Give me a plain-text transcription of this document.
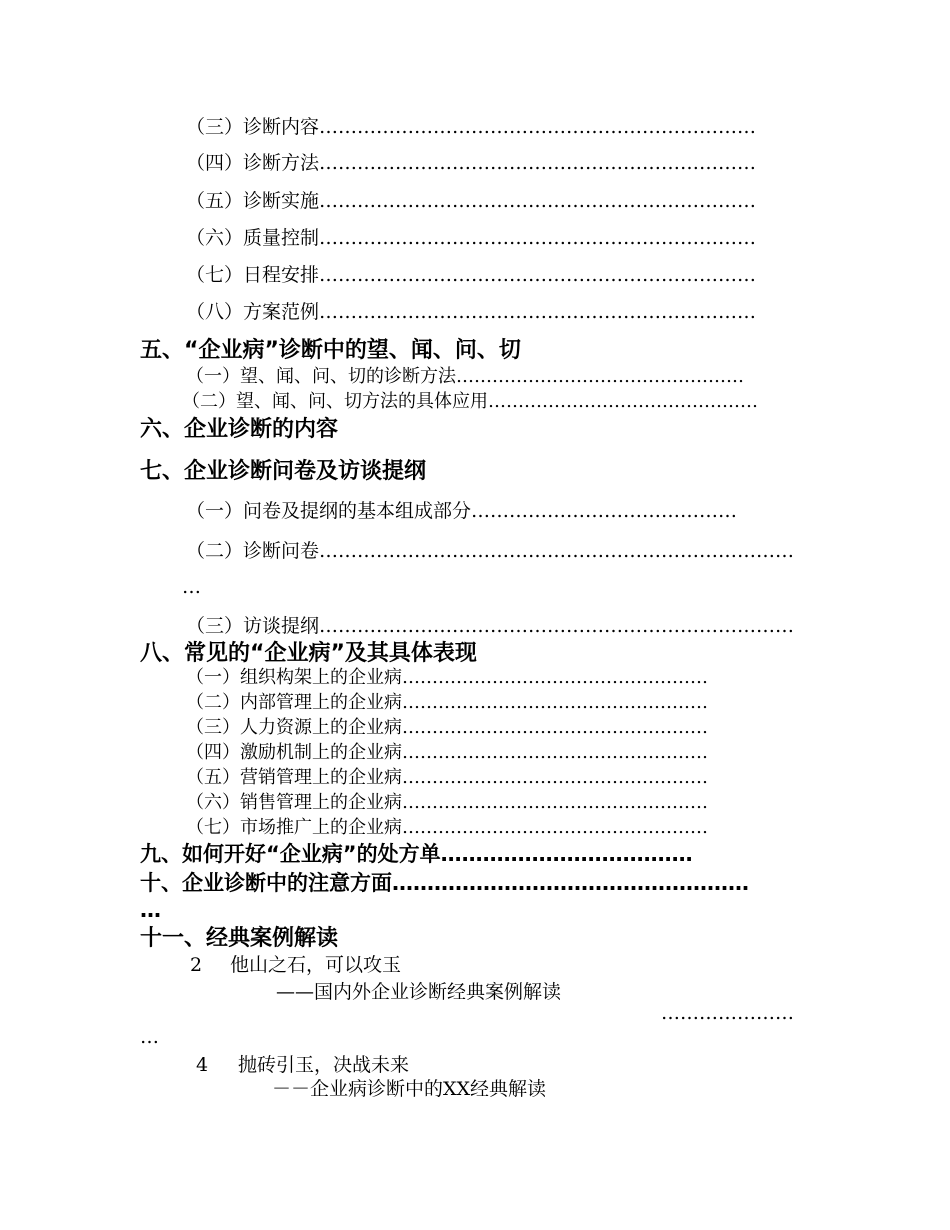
（三）诊断内容……………………………………………………………
（四）诊断方法……………………………………………………………
（五）诊断实施……………………………………………………………
（六）质量控制……………………………………………………………
（七）日程安排……………………………………………………………
（八）方案范例……………………………………………………………
五、“企业病”诊断中的望、闻、问、切
（一）望、闻、问、切的诊断方法…………………………………………
（二）望、闻、问、切方法的具体应用………………………………………
六、企业诊断的内容
七、企业诊断问卷及访谈提纲
（一）问卷及提纲的基本组成部分……………………………………
（二）诊断问卷…………………………………………………………………
…
（三）访谈提纲…………………………………………………………………
八、常见的“企业病”及其具体表现
（一）组织构架上的企业病……………………………………………
（二）内部管理上的企业病……………………………………………
（三）人力资源上的企业病……………………………………………
（四）激励机制上的企业病……………………………………………
（五）营销管理上的企业病……………………………………………
（六）销售管理上的企业病……………………………………………
（七）市场推广上的企业病……………………………………………
九、如何开好“企业病”的处方单………………………………
十、企业诊断中的注意方面……………………………………………
…
十一、经典案例解读
2 他山之石，可以攻玉
——国内外企业诊断经典案例解读
…………………
…
4 抛砖引玉，决战未来
－－企业病诊断中的XX经典解读
